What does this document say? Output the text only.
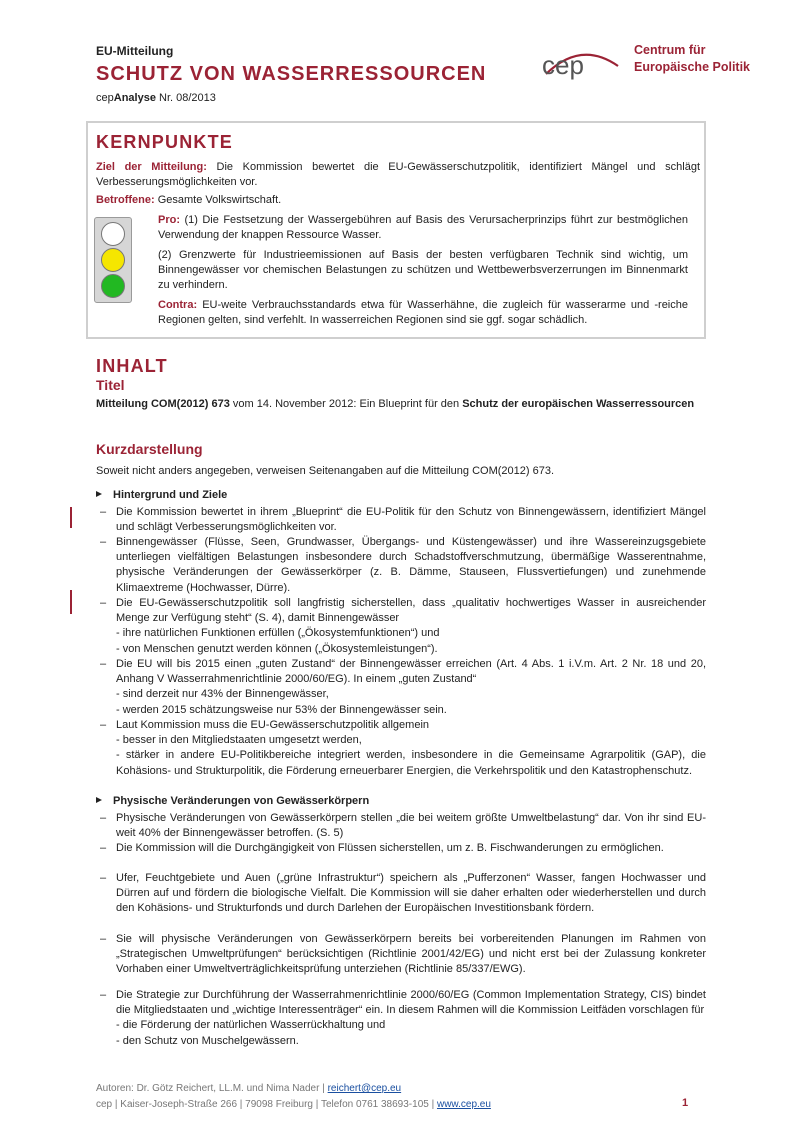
EU-Mitteilung
SCHUTZ VON WASSERRESSOURCEN
cepAnalyse Nr. 08/2013
cep	Centrum für
Europäische Politik
KERNPUNKTE
Ziel der Mitteilung: Die Kommission bewertet die EU-Gewässerschutzpolitik, identifiziert Mängel und schlägt Verbesserungsmöglichkeiten vor.
Betroffene: Gesamte Volkswirtschaft.
Pro: (1) Die Festsetzung der Wassergebühren auf Basis des Verursacherprinzips führt zur bestmöglichen Verwendung der knappen Ressource Wasser.
(2) Grenzwerte für Industrieemissionen auf Basis der besten verfügbaren Technik sind wichtig, um Binnengewässer vor chemischen Belastungen zu schützen und Wettbewerbsverzerrungen im Binnenmarkt zu verhindern.
Contra: EU-weite Verbrauchsstandards etwa für Wasserhähne, die zugleich für wasserarme und -reiche Regionen gelten, sind verfehlt. In wasserreichen Regionen sind sie ggf. sogar schädlich.
INHALT
Titel
Mitteilung COM(2012) 673 vom 14. November 2012: Ein Blueprint für den Schutz der europäischen Wasserressourcen
Kurzdarstellung
Soweit nicht anders angegeben, verweisen Seitenangaben auf die Mitteilung COM(2012) 673.
Hintergrund und Ziele
– Die Kommission bewertet in ihrem „Blueprint“ die EU-Politik für den Schutz von Binnengewässern, identifiziert Mängel und schlägt Verbesserungsmöglichkeiten vor.
– Binnengewässer (Flüsse, Seen, Grundwasser, Übergangs- und Küstengewässer) und ihre Wassereinzugsgebiete unterliegen vielfältigen Belastungen insbesondere durch Schadstoffverschmutzung, übermäßige Wasserentnahme, physische Veränderungen der Gewässerkörper (z. B. Dämme, Stauseen, Flussvertiefungen) und zunehmende Klimaextreme (Hochwasser, Dürre).
– Die EU-Gewässerschutzpolitik soll langfristig sicherstellen, dass „qualitativ hochwertiges Wasser in ausreichender Menge zur Verfügung steht“ (S. 4), damit Binnengewässer
- ihre natürlichen Funktionen erfüllen („Ökosystemfunktionen“) und
- von Menschen genutzt werden können („Ökosystemleistungen“).
– Die EU will bis 2015 einen „guten Zustand“ der Binnengewässer erreichen (Art. 4 Abs. 1 i.V.m. Art. 2 Nr. 18 und 20, Anhang V Wasserrahmenrichtlinie 2000/60/EG). In einem „guten Zustand“
- sind derzeit nur 43% der Binnengewässer,
- werden 2015 schätzungsweise nur 53% der Binnengewässer sein.
– Laut Kommission muss die EU-Gewässerschutzpolitik allgemein
- besser in den Mitgliedstaaten umgesetzt werden,
- stärker in andere EU-Politikbereiche integriert werden, insbesondere in die Gemeinsame Agrarpolitik (GAP), die Kohäsions- und Strukturpolitik, die Förderung erneuerbarer Energien, die Verkehrspolitik und den Katastrophenschutz.
Physische Veränderungen von Gewässerkörpern
– Physische Veränderungen von Gewässerkörpern stellen „die bei weitem größte Umweltbelastung“ dar. Von ihr sind EU-weit 40% der Binnengewässer betroffen. (S. 5)
– Die Kommission will die Durchgängigkeit von Flüssen sicherstellen, um z. B. Fischwanderungen zu ermöglichen.
– Ufer, Feuchtgebiete und Auen („grüne Infrastruktur“) speichern als „Pufferzonen“ Wasser, fangen Hochwasser und Dürren auf und fördern die biologische Vielfalt. Die Kommission will sie daher erhalten oder wiederherstellen und durch den Kohäsions- und Strukturfonds und durch Darlehen der Europäischen Investitionsbank fördern.
– Sie will physische Veränderungen von Gewässerkörpern bereits bei vorbereitenden Planungen im Rahmen von „Strategischen Umweltprüfungen“ berücksichtigen (Richtlinie 2001/42/EG) und nicht erst bei der Zulassung konkreter Vorhaben einer Umweltverträglichkeitsprüfung unterziehen (Richtlinie 85/337/EWG).
– Die Strategie zur Durchführung der Wasserrahmenrichtlinie 2000/60/EG (Common Implementation Strategy, CIS) bindet die Mitgliedstaaten und „wichtige Interessenträger“ ein. In diesem Rahmen will die Kommission Leitfäden vorschlagen für
- die Förderung der natürlichen Wasserrückhaltung und
- den Schutz von Muschelgewässern.
Autoren: Dr. Götz Reichert, LL.M. und Nima Nader | reichert@cep.eu
cep | Kaiser-Joseph-Straße 266 | 79098 Freiburg | Telefon 0761 38693-105 | www.cep.eu	1
